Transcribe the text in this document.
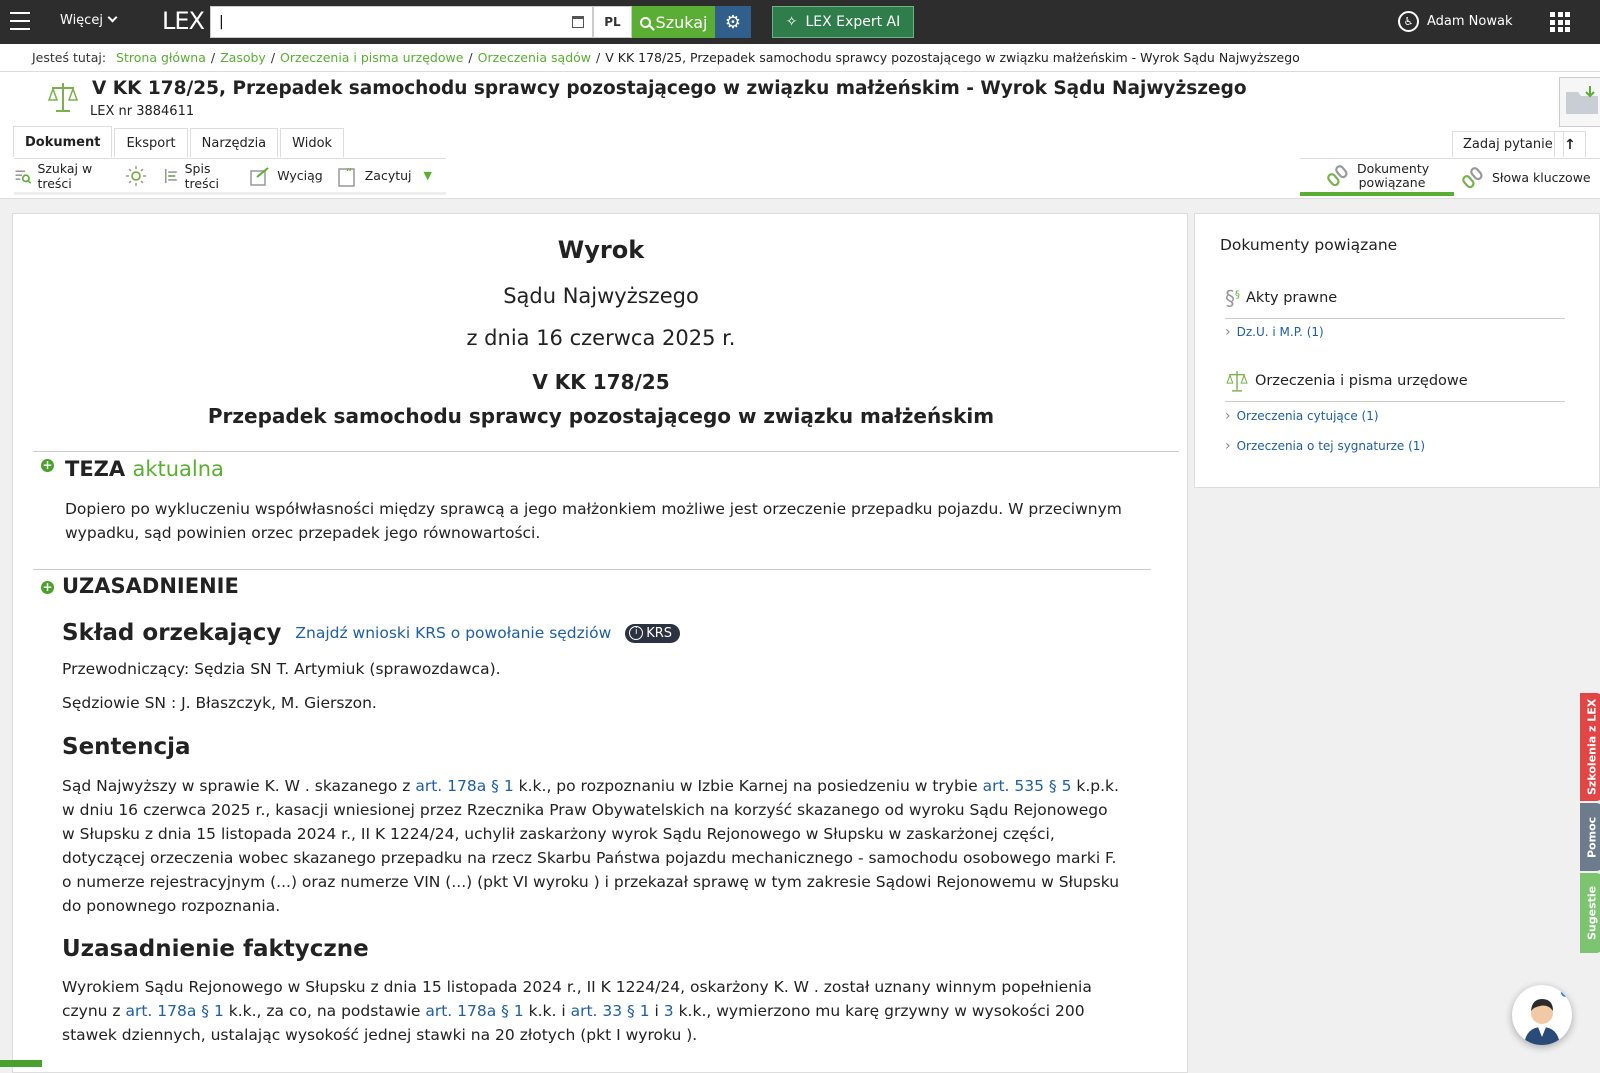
Więcej	LEX
|	PL	Szukaj ⚙	✧ LEX Expert AI	♿	Adam Nowak
Jesteś tutaj: Strona główna / Zasoby / Orzeczenia i pisma urzędowe / Orzeczenia sądów / V KK 178/25, Przepadek samochodu sprawcy pozostającego w związku małżeńskim - Wyrok Sądu Najwyższego
V KK 178/25, Przepadek samochodu sprawcy pozostającego w związku małżeńskim - Wyrok Sądu Najwyższego
LEX nr 3884611
Dokument	Eksport	Narzędzia	Widok	Zadaj pytanie ↑
Szukaj w treści
Spis treści	Wyciąg “ Zacytuj ▼	Dokumenty powiązane	Słowa kluczowe
Wyrok
Sądu Najwyższego
z dnia 16 czerwca 2025 r.
V KK 178/25
Przepadek samochodu sprawcy pozostającego w związku małżeńskim
+ TEZA aktualna
Dopiero po wykluczeniu współwłasności między sprawcą a jego małżonkiem możliwe jest orzeczenie przepadku pojazdu. W przeciwnym wypadku, sąd powinien orzec przepadek jego równowartości.
+ UZASADNIENIE
Skład orzekający Znajdź wnioski KRS o powołanie sędziów	i KRS
Przewodniczący: Sędzia SN T. Artymiuk (sprawozdawca).
Sędziowie SN : J. Błaszczyk, M. Gierszon.
Sentencja
Sąd Najwyższy w sprawie K. W . skazanego z art. 178a § 1 k.k., po rozpoznaniu w Izbie Karnej na posiedzeniu w trybie art. 535 § 5 k.p.k. w dniu 16 czerwca 2025 r., kasacji wniesionej przez Rzecznika Praw Obywatelskich na korzyść skazanego od wyroku Sądu Rejonowego w Słupsku z dnia 15 listopada 2024 r., II K 1224/24, uchylił zaskarżony wyrok Sądu Rejonowego w Słupsku w zaskarżonej części, dotyczącej orzeczenia wobec skazanego przepadku na rzecz Skarbu Państwa pojazdu mechanicznego - samochodu osobowego marki F. o numerze rejestracyjnym (...) oraz numerze VIN (...) (pkt VI wyroku ) i przekazał sprawę w tym zakresie Sądowi Rejonowemu w Słupsku do ponownego rozpoznania.
Uzasadnienie faktyczne
Wyrokiem Sądu Rejonowego w Słupsku z dnia 15 listopada 2024 r., II K 1224/24, oskarżony K. W . został uznany winnym popełnienia czynu z art. 178a § 1 k.k., za co, na podstawie art. 178a § 1 k.k. i art. 33 § 1 i 3 k.k., wymierzono mu karę grzywny w wysokości 200 stawek dziennych, ustalając wysokość jednej stawki na 20 złotych (pkt I wyroku ).
Dokumenty powiązane
§§ Akty prawne
› Dz.U. i M.P. (1)
Orzeczenia i pisma urzędowe
› Orzeczenia cytujące (1)
› Orzeczenia o tej sygnaturze (1)
Szkolenia z LEX
Pomoc
Sugestie
